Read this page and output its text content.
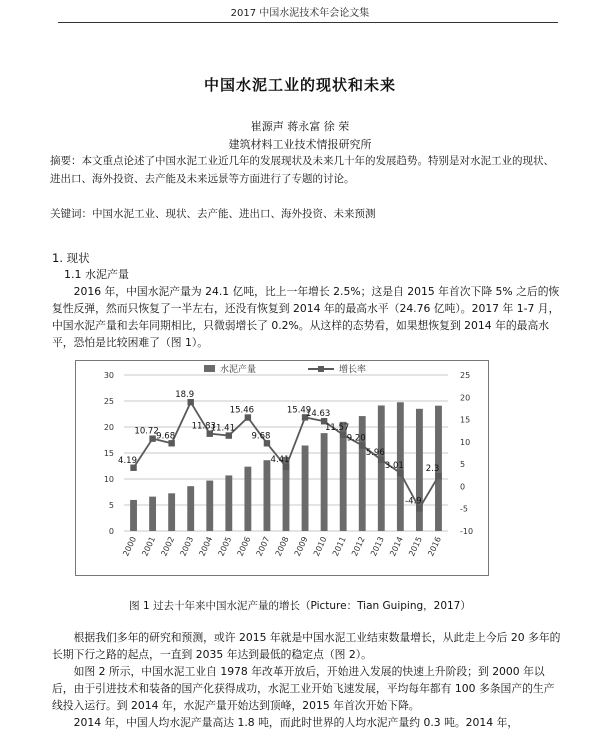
2017 中国水泥技术年会论文集
中国水泥工业的现状和未来
崔源声 蒋永富 徐 荣
建筑材料工业技术情报研究所
摘要：本文重点论述了中国水泥工业近几年的发展现状及未来几十年的发展趋势。特别是对水泥工业的现状、进出口、海外投资、去产能及未来远景等方面进行了专题的讨论。
关键词：中国水泥工业、现状、去产能、进出口、海外投资、未来预测
1. 现状
1.1 水泥产量
2016 年，中国水泥产量为 24.1 亿吨，比上一年增长 2.5%；这是自 2015 年首次下降 5% 之后的恢复性反弹，然而只恢复了一半左右，还没有恢复到 2014 年的最高水平（24.76 亿吨）。2017 年 1-7 月，中国水泥产量和去年同期相比，只微弱增长了 0.2%。从这样的态势看，如果想恢复到 2014 年的最高水平，恐怕是比较困难了（图 1）。
0
5
10
15
20
25
30
-10
-5
0
5
10
15
20
25
2000 2001 2002 2003 2004 2005 2006 2007 2008 2009 2010 2011 2012 2013 2014 2015 2016
4.19
10.72
9.68
18.9
11.83
11.41
15.46
9.68
4.41
15.49
14.63
11.57
9.20
5.96
3.01
-4.9
2.3
水泥产量	增长率
图 1 过去十年来中国水泥产量的增长（Picture：Tian Guiping，2017）
根据我们多年的研究和预测，或许 2015 年就是中国水泥工业结束数量增长，从此走上今后 20 多年的长期下行之路的起点，一直到 2035 年达到最低的稳定点（图 2）。
如图 2 所示，中国水泥工业自 1978 年改革开放后，开始进入发展的快速上升阶段；到 2000 年以后，由于引进技术和装备的国产化获得成功，水泥工业开始飞速发展，平均每年都有 100 多条国产的生产线投入运行。到 2014 年，水泥产量开始达到顶峰，2015 年首次开始下降。
2014 年，中国人均水泥产量高达 1.8 吨，而此时世界的人均水泥产量约 0.3 吨。2014 年，
